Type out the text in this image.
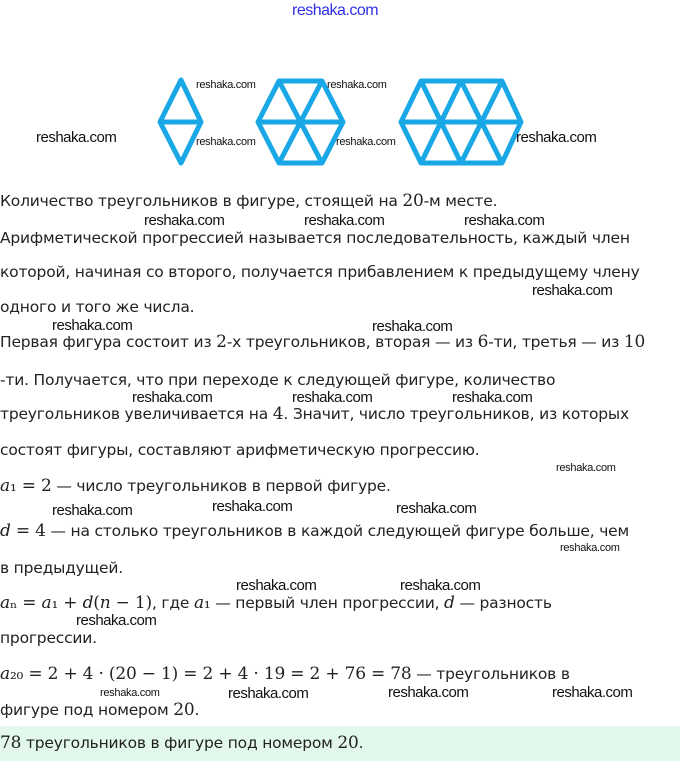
Количество треугольников в фигуре, стоящей на 20-м месте.
Арифметической прогрессией называется последовательность, каждый член
которой, начиная со второго, получается прибавлением к предыдущему члену
одного и того же числа.
Первая фигура состоит из 2-х треугольников, вторая — из 6-ти, третья — из 10
-ти. Получается, что при переходе к следующей фигуре, количество
треугольников увеличивается на 4. Значит, число треугольников, из которых
состоят фигуры, составляют арифметическую прогрессию.
a₁ = 2 — число треугольников в первой фигуре.
d = 4 — на столько треугольников в каждой следующей фигуре больше, чем
в предыдущей.
aₙ = a₁ + d(n − 1), где a₁ — первый член прогрессии, d — разность
прогрессии.
a₂₀ = 2 + 4 · (20 − 1) = 2 + 4 · 19 = 2 + 76 = 78 — треугольников в
фигуре под номером 20.
78 треугольников в фигуре под номером 20.
reshaka.com
reshaka.com	reshaka.com
reshaka.com	reshaka.com
reshaka.com	reshaka.com
reshaka.com	reshaka.com	reshaka.com
reshaka.com
reshaka.com	reshaka.com
reshaka.com	reshaka.com	reshaka.com
reshaka.com
reshaka.com	reshaka.com
reshaka.com
reshaka.com
reshaka.com	reshaka.com
reshaka.com
reshaka.com	reshaka.com
reshaka.com	reshaka.com
